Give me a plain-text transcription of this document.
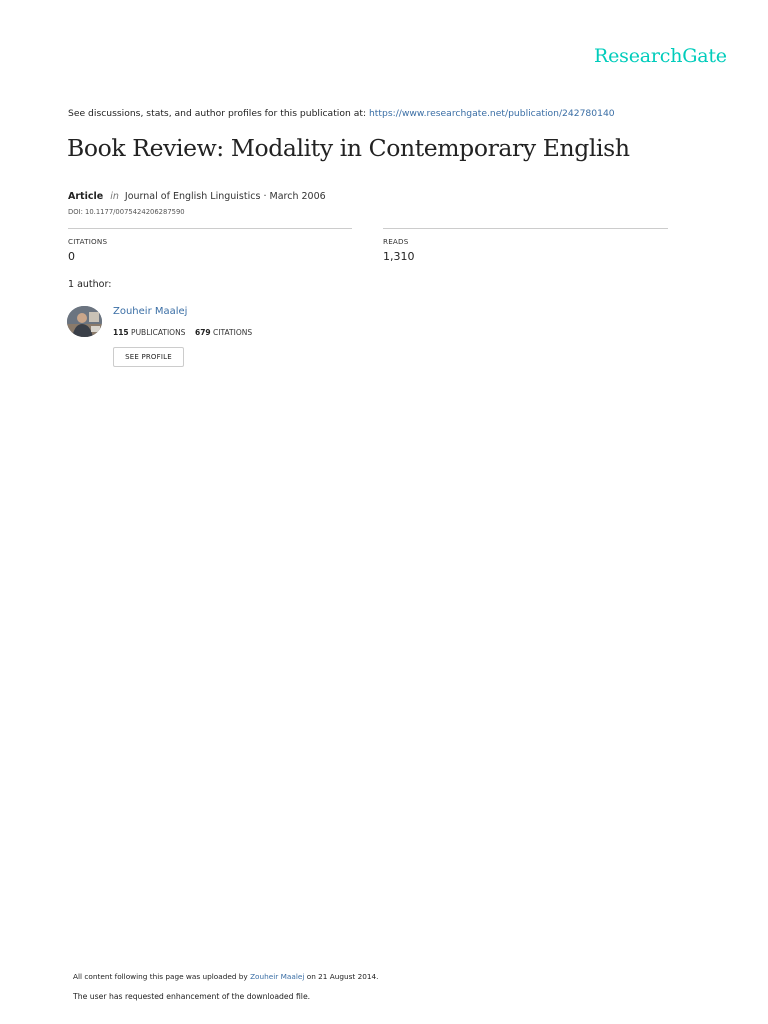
ResearchGate
See discussions, stats, and author profiles for this publication at: https://www.researchgate.net/publication/242780140
Book Review: Modality in Contemporary English
Article in Journal of English Linguistics · March 2006
DOI: 10.1177/0075424206287590
CITATIONS
0
READS
1,310
1 author:
Zouheir Maalej
115 PUBLICATIONS 679 CITATIONS
SEE PROFILE
All content following this page was uploaded by Zouheir Maalej on 21 August 2014.
The user has requested enhancement of the downloaded file.
